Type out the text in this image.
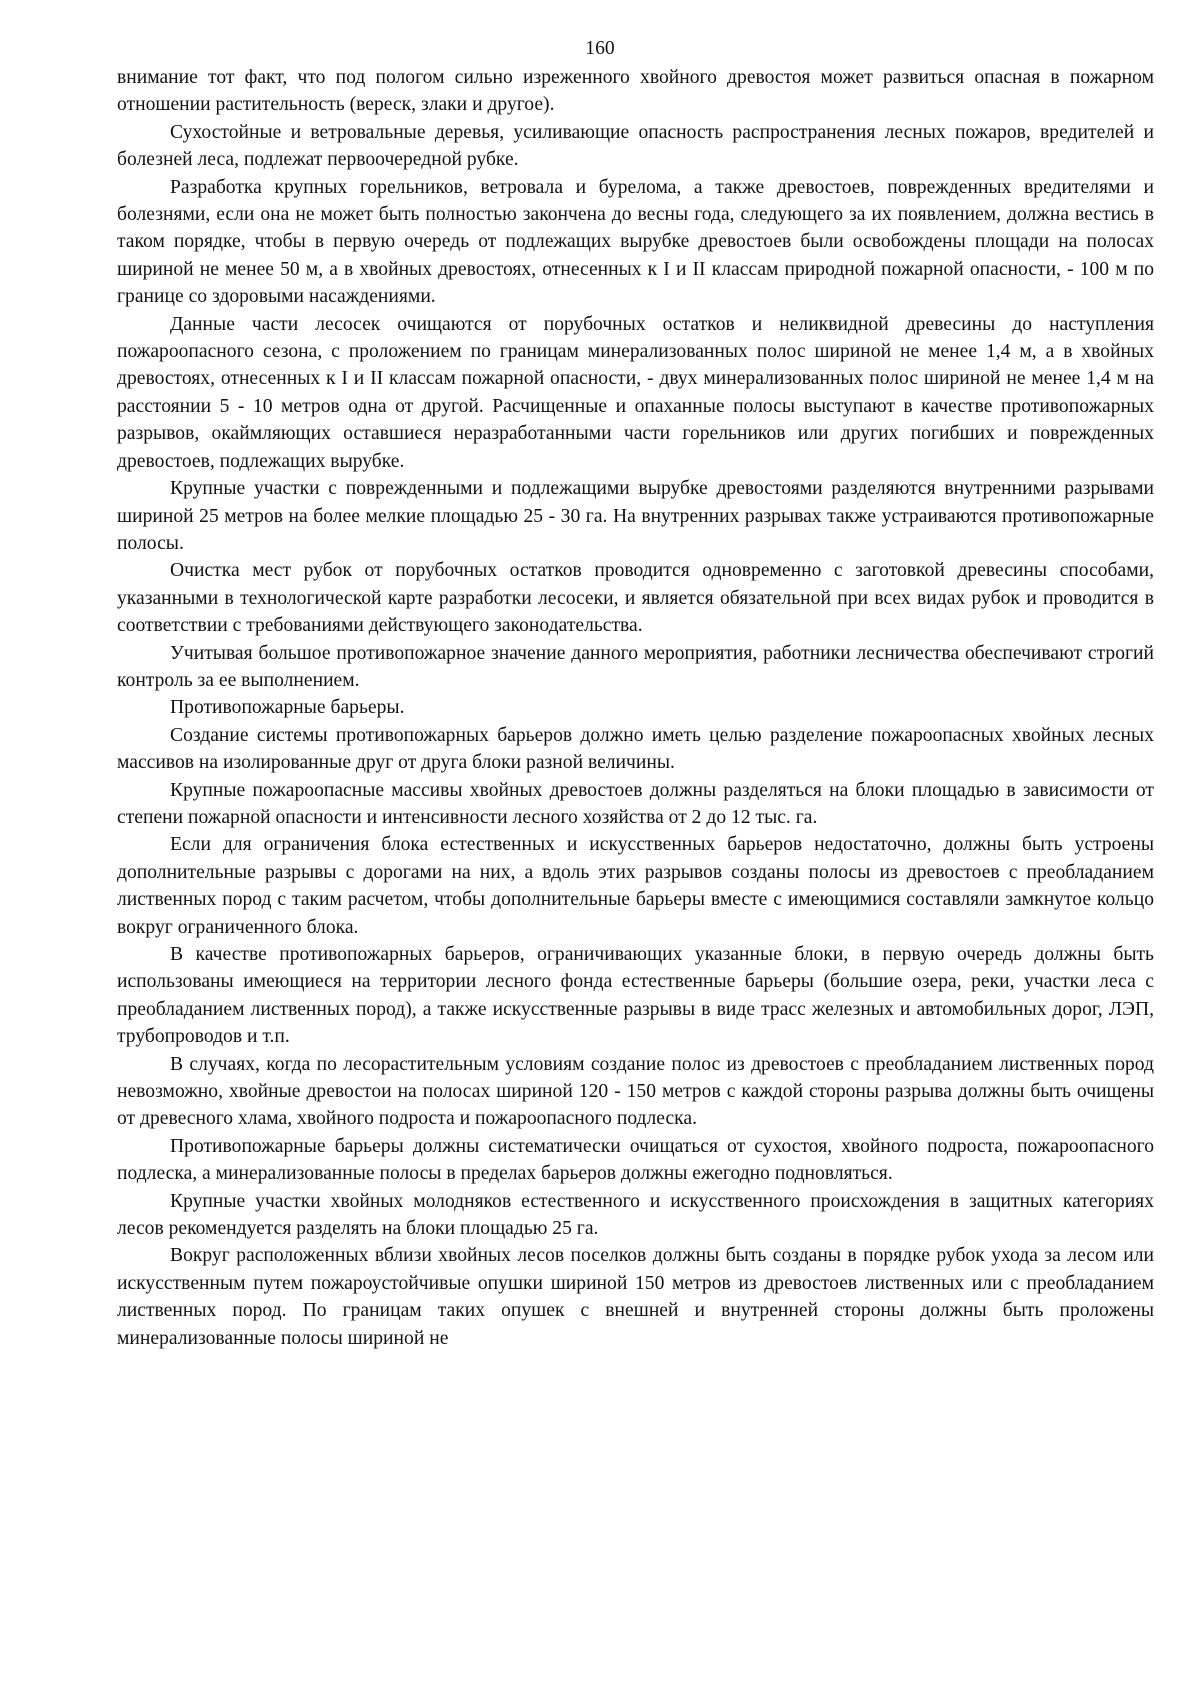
160

внимание тот факт, что под пологом сильно изреженного хвойного древостоя может развиться опасная в пожарном отношении растительность (вереск, злаки и другое).

Сухостойные и ветровальные деревья, усиливающие опасность распространения лесных пожаров, вредителей и болезней леса, подлежат первоочередной рубке.

Разработка крупных горельников, ветровала и бурелома, а также древостоев, поврежденных вредителями и болезнями, если она не может быть полностью закончена до весны года, следующего за их появлением, должна вестись в таком порядке, чтобы в первую очередь от подлежащих вырубке древостоев были освобождены площади на полосах шириной не менее 50 м, а в хвойных древостоях, отнесенных к I и II классам природной пожарной опасности, - 100 м по границе со здоровыми насаждениями.

Данные части лесосек очищаются от порубочных остатков и неликвидной древесины до наступления пожароопасного сезона, с проложением по границам минерализованных полос шириной не менее 1,4 м, а в хвойных древостоях, отнесенных к I и II классам пожарной опасности, - двух минерализованных полос шириной не менее 1,4 м на расстоянии 5 - 10 метров одна от другой. Расчищенные и опаханные полосы выступают в качестве противопожарных разрывов, окаймляющих оставшиеся неразработанными части горельников или других погибших и поврежденных древостоев, подлежащих вырубке.

Крупные участки с поврежденными и подлежащими вырубке древостоями разделяются внутренними разрывами шириной 25 метров на более мелкие площадью 25 - 30 га. На внутренних разрывах также устраиваются противопожарные полосы.

Очистка мест рубок от порубочных остатков проводится одновременно с заготовкой древесины способами, указанными в технологической карте разработки лесосеки, и является обязательной при всех видах рубок и проводится в соответствии с требованиями действующего законодательства.

Учитывая большое противопожарное значение данного мероприятия, работники лесничества обеспечивают строгий контроль за ее выполнением.

Противопожарные барьеры.

Создание системы противопожарных барьеров должно иметь целью разделение пожароопасных хвойных лесных массивов на изолированные друг от друга блоки разной величины.

Крупные пожароопасные массивы хвойных древостоев должны разделяться на блоки площадью в зависимости от степени пожарной опасности и интенсивности лесного хозяйства от 2 до 12 тыс. га.

Если для ограничения блока естественных и искусственных барьеров недостаточно, должны быть устроены дополнительные разрывы с дорогами на них, а вдоль этих разрывов созданы полосы из древостоев с преобладанием лиственных пород с таким расчетом, чтобы дополнительные барьеры вместе с имеющимися составляли замкнутое кольцо вокруг ограниченного блока.

В качестве противопожарных барьеров, ограничивающих указанные блоки, в первую очередь должны быть использованы имеющиеся на территории лесного фонда естественные барьеры (большие озера, реки, участки леса с преобладанием лиственных пород), а также искусственные разрывы в виде трасс железных и автомобильных дорог, ЛЭП, трубопроводов и т.п.

В случаях, когда по лесорастительным условиям создание полос из древостоев с преобладанием лиственных пород невозможно, хвойные древостои на полосах шириной 120 - 150 метров с каждой стороны разрыва должны быть очищены от древесного хлама, хвойного подроста и пожароопасного подлеска.

Противопожарные барьеры должны систематически очищаться от сухостоя, хвойного подроста, пожароопасного подлеска, а минерализованные полосы в пределах барьеров должны ежегодно подновляться.

Крупные участки хвойных молодняков естественного и искусственного происхождения в защитных категориях лесов рекомендуется разделять на блоки площадью 25 га.

Вокруг расположенных вблизи хвойных лесов поселков должны быть созданы в порядке рубок ухода за лесом или искусственным путем пожароустойчивые опушки шириной 150 метров из древостоев лиственных или с преобладанием лиственных пород. По границам таких опушек с внешней и внутренней стороны должны быть проложены минерализованные полосы шириной не
